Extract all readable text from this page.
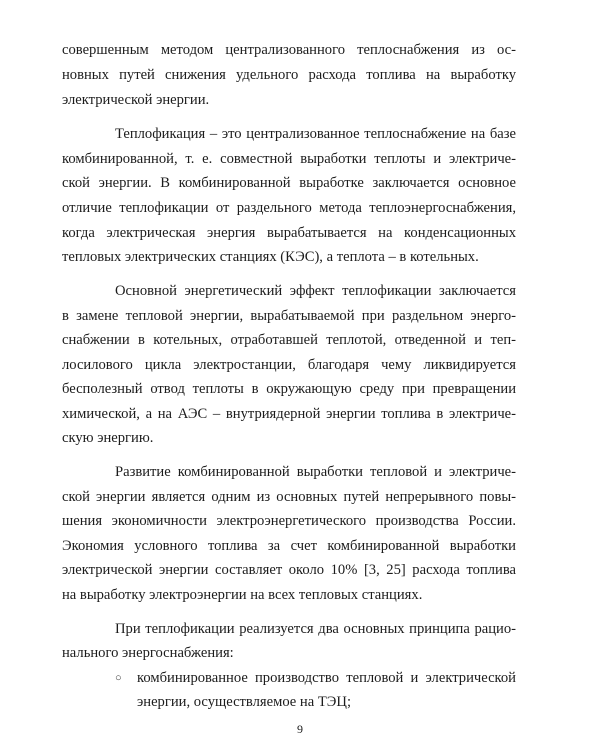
совершенным методом централизованного теплоснабжения из ос-
новных путей снижения удельного расхода топлива на выработку
электрической энергии.
Теплофикация – это централизованное теплоснабжение на базе
комбинированной, т. е. совместной выработки теплоты и электриче-
ской энергии. В комбинированной выработке заключается основное
отличие теплофикации от раздельного метода теплоэнергоснабжения,
когда электрическая энергия вырабатывается на конденсационных
тепловых электрических станциях (КЭС), а теплота – в котельных.
Основной энергетический эффект теплофикации заключается
в замене тепловой энергии, вырабатываемой при раздельном энерго-
снабжении в котельных, отработавшей теплотой, отведенной и теп-
лосилового цикла электростанции, благодаря чему ликвидируется
бесполезный отвод теплоты в окружающую среду при превращении
химической, а на АЭС – внутриядерной энергии топлива в электриче-
скую энергию.
Развитие комбинированной выработки тепловой и электриче-
ской энергии является одним из основных путей непрерывного повы-
шения экономичности электроэнергетического производства России.
Экономия условного топлива за счет комбинированной выработки
электрической энергии составляет около 10% [3, 25] расхода топлива
на выработку электроэнергии на всех тепловых станциях.
При теплофикации реализуется два основных принципа рацио-
нального энергоснабжения:
○	комбинированное производство тепловой и электрической
энергии, осуществляемое на ТЭЦ;
9
